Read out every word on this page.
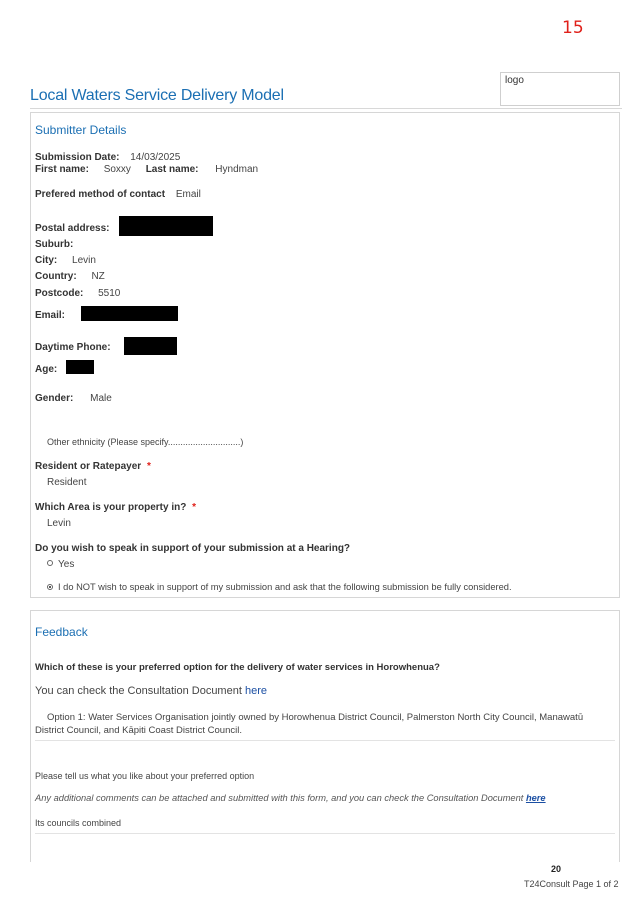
15
logo
Local Waters Service Delivery Model
Submitter Details
Submission Date: 14/03/2025
First name: Soxxy Last name: Hyndman
Prefered method of contact Email
Postal address:
Suburb:
City: Levin
Country: NZ
Postcode: 5510
Email:
Daytime Phone:
Age:
Gender: Male
Other ethnicity (Please specify.............................)
Resident or Ratepayer *
Resident
Which Area is your property in? *
Levin
Do you wish to speak in support of your submission at a Hearing?
Yes
I do NOT wish to speak in support of my submission and ask that the following submission be fully considered.
Feedback
Which of these is your preferred option for the delivery of water services in Horowhenua?
You can check the Consultation Document here
Option 1: Water Services Organisation jointly owned by Horowhenua District Council, Palmerston North City Council, Manawatū District Council, and Kāpiti Coast District Council.
Please tell us what you like about your preferred option
Any additional comments can be attached and submitted with this form, and you can check the Consultation Document here
Its councils combined
20
T24Consult Page 1 of 2
